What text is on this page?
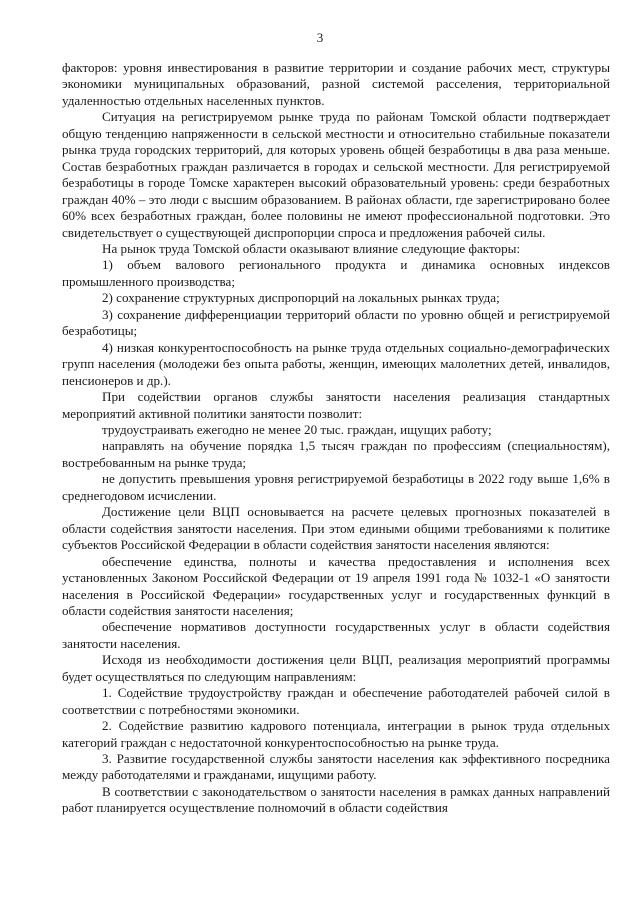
3

факторов: уровня инвестирования в развитие территории и создание рабочих мест, структуры экономики муниципальных образований, разной системой расселения, территориальной удаленностью отдельных населенных пунктов.

Ситуация на регистрируемом рынке труда по районам Томской области подтверждает общую тенденцию напряженности в сельской местности и относительно стабильные показатели рынка труда городских территорий, для которых уровень общей безработицы в два раза меньше. Состав безработных граждан различается в городах и сельской местности. Для регистрируемой безработицы в городе Томске характерен высокий образовательный уровень: среди безработных граждан 40% – это люди с высшим образованием. В районах области, где зарегистрировано более 60% всех безработных граждан, более половины не имеют профессиональной подготовки. Это свидетельствует о существующей диспропорции спроса и предложения рабочей силы.

На рынок труда Томской области оказывают влияние следующие факторы:

1) объем валового регионального продукта и динамика основных индексов промышленного производства;

2) сохранение структурных диспропорций на локальных рынках труда;

3) сохранение дифференциации территорий области по уровню общей и регистрируемой безработицы;

4) низкая конкурентоспособность на рынке труда отдельных социально-демографических групп населения (молодежи без опыта работы, женщин, имеющих малолетних детей, инвалидов, пенсионеров и др.).

При содействии органов службы занятости населения реализация стандартных мероприятий активной политики занятости позволит:

трудоустраивать ежегодно не менее 20 тыс. граждан, ищущих работу;

направлять на обучение порядка 1,5 тысяч граждан по профессиям (специальностям), востребованным на рынке труда;

не допустить превышения уровня регистрируемой безработицы в 2022 году выше 1,6% в среднегодовом исчислении.

Достижение цели ВЦП основывается на расчете целевых прогнозных показателей в области содействия занятости населения. При этом едиными общими требованиями к политике субъектов Российской Федерации в области содействия занятости населения являются:

обеспечение единства, полноты и качества предоставления и исполнения всех установленных Законом Российской Федерации от 19 апреля 1991 года № 1032-1 «О занятости населения в Российской Федерации» государственных услуг и государственных функций в области содействия занятости населения;

обеспечение нормативов доступности государственных услуг в области содействия занятости населения.

Исходя из необходимости достижения цели ВЦП, реализация мероприятий программы будет осуществляться по следующим направлениям:

1. Содействие трудоустройству граждан и обеспечение работодателей рабочей силой в соответствии с потребностями экономики.

2. Содействие развитию кадрового потенциала, интеграции в рынок труда отдельных категорий граждан с недостаточной конкурентоспособностью на рынке труда.

3. Развитие государственной службы занятости населения как эффективного посредника между работодателями и гражданами, ищущими работу.

В соответствии с законодательством о занятости населения в рамках данных направлений работ планируется осуществление полномочий в области содействия
